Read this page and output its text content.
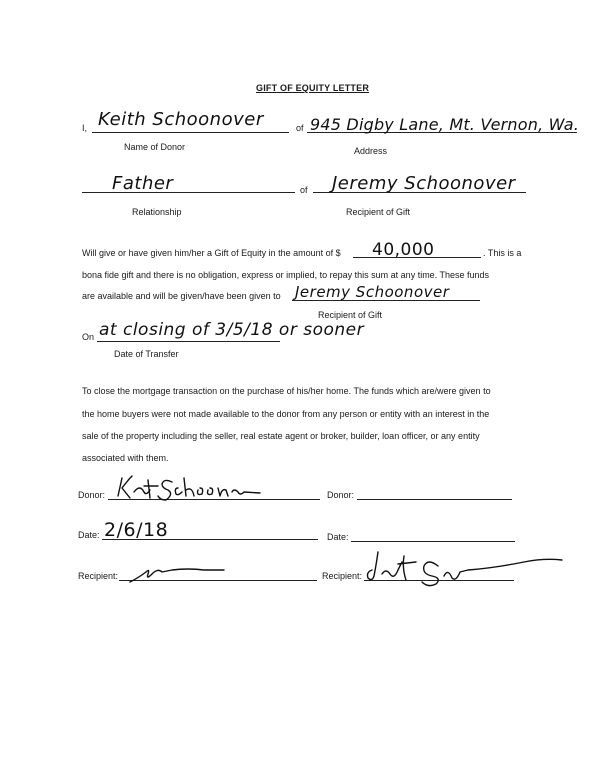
GIFT OF EQUITY LETTER
I, Keith Schoonover	of 945 Digby Lane, Mt. Vernon, Wa.
Name of Donor	Address
Father	of Jeremy Schoonover
Relationship	Recipient of Gift
Will give or have given him/her a Gift of Equity in the amount of $ 40,000	. This is a
bona fide gift and there is no obligation, express or implied, to repay this sum at any time. These funds
are available and will be given/have been given to Jeremy Schoonover
Recipient of Gift
On at closing of 3/5/18 or sooner
Date of Transfer
To close the mortgage transaction on the purchase of his/her home. The funds which are/were given to
the home buyers were not made available to the donor from any person or entity with an interest in the
sale of the property including the seller, real estate agent or broker, builder, loan officer, or any entity
associated with them.
Donor:	Donor:
Date: 2/6/18	Date:
Recipient:	Recipient:
